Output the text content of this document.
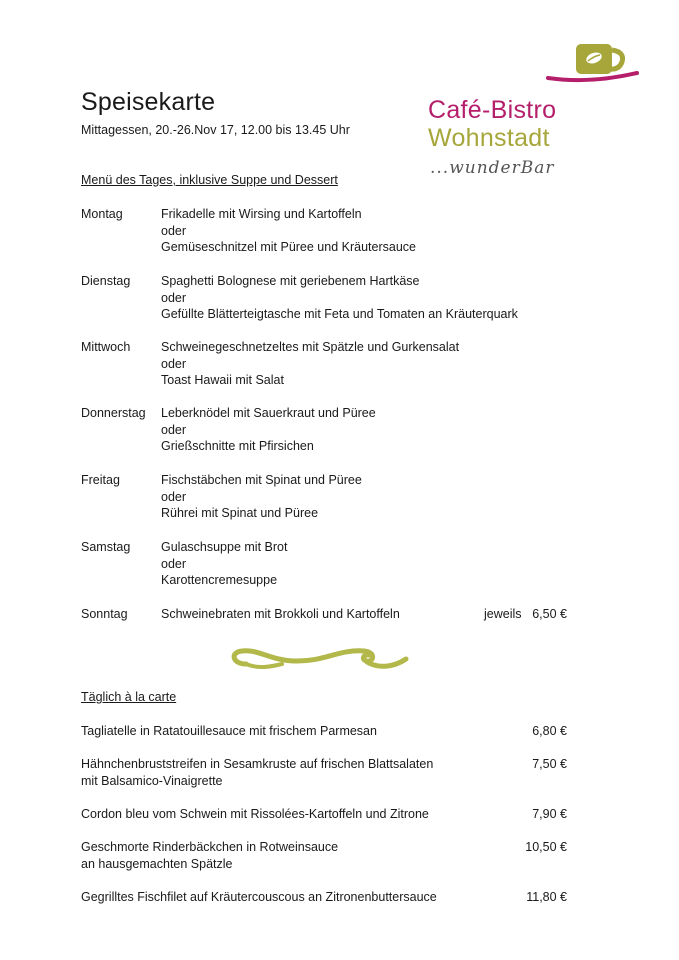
Speisekarte
Mittagessen, 20.-26.Nov 17, 12.00 bis 13.45 Uhr
Café-Bistro
Wohnstadt
...wunderBar
Menü des Tages, inklusive Suppe und Dessert
Montag	Frikadelle mit Wirsing und Kartoffeln
oder
Gemüseschnitzel mit Püree und Kräutersauce
Dienstag	Spaghetti Bolognese mit geriebenem Hartkäse
oder
Gefüllte Blätterteigtasche mit Feta und Tomaten an Kräuterquark
Mittwoch	Schweinegeschnetzeltes mit Spätzle und Gurkensalat
oder
Toast Hawaii mit Salat
Donnerstag	Leberknödel mit Sauerkraut und Püree
oder
Grießschnitte mit Pfirsichen
Freitag	Fischstäbchen mit Spinat und Püree
oder
Rührei mit Spinat und Püree
Samstag	Gulaschsuppe mit Brot
oder
Karottencremesuppe
Sonntag	Schweinebraten mit Brokkoli und Kartoffeln	jeweils 6,50 €
Täglich à la carte
Tagliatelle in Ratatouillesauce mit frischem Parmesan	6,80 €
Hähnchenbruststreifen in Sesamkruste auf frischen Blattsalaten
mit Balsamico-Vinaigrette
7,50 €
Cordon bleu vom Schwein mit Rissolées-Kartoffeln und Zitrone	7,90 €
Geschmorte Rinderbäckchen in Rotweinsauce
an hausgemachten Spätzle
10,50 €
Gegrilltes Fischfilet auf Kräutercouscous an Zitronenbuttersauce	11,80 €
